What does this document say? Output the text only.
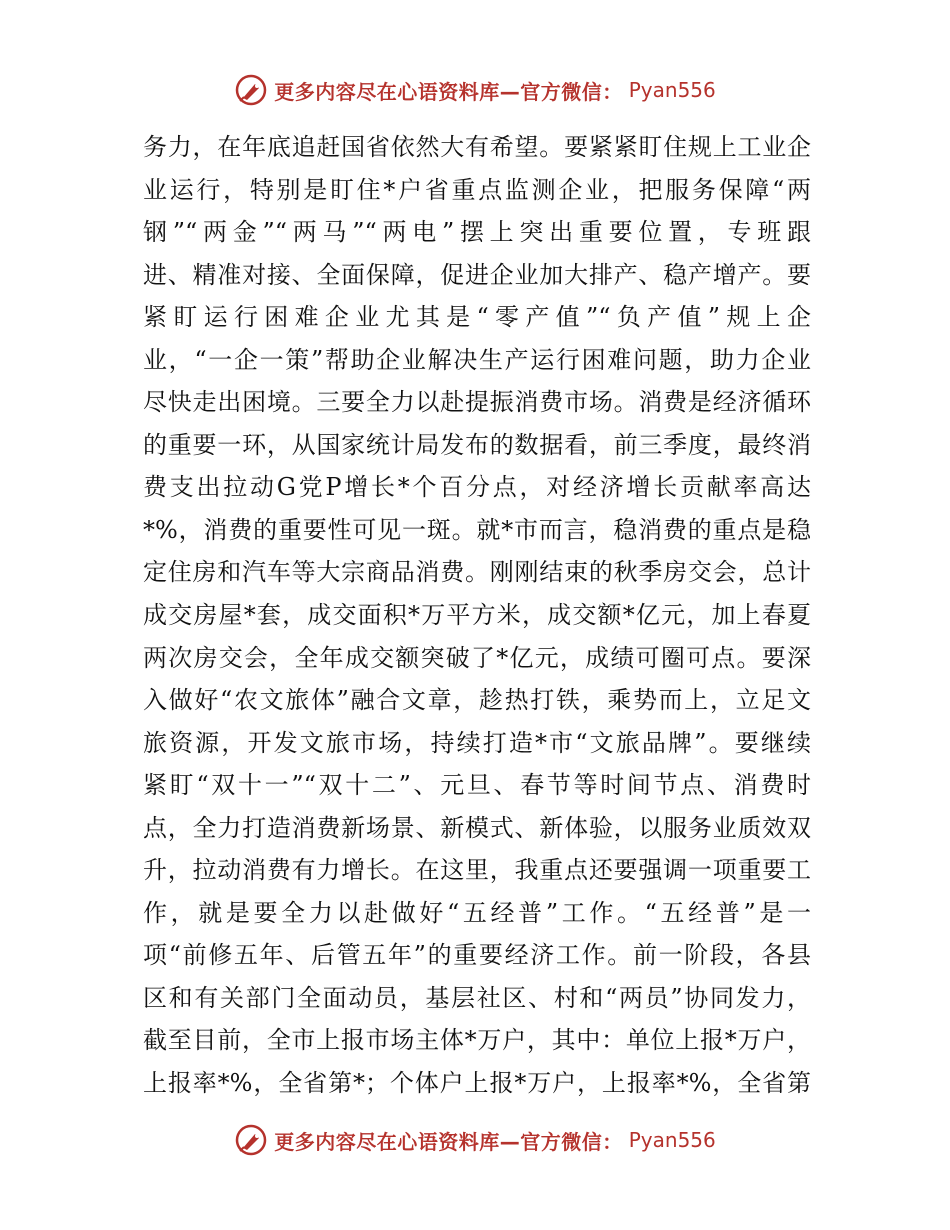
更多内容尽在心语资料库—官方微信： Pyan556
务力，在年底追赶国省依然大有希望。要紧紧盯住规上工业企
业运行，特别是盯住*户省重点监测企业，把服务保障“两
钢”“两金”“两马”“两电”摆上突出重要位置，专班跟
进、精准对接、全面保障，促进企业加大排产、稳产增产。要
紧盯运行困难企业尤其是“零产值”“负产值”规上企
业，“一企一策”帮助企业解决生产运行困难问题，助力企业
尽快走出困境。三要全力以赴提振消费市场。消费是经济循环
的重要一环，从国家统计局发布的数据看，前三季度，最终消
费支出拉动G党P增长*个百分点，对经济增长贡献率高达
*%，消费的重要性可见一斑。就*市而言，稳消费的重点是稳
定住房和汽车等大宗商品消费。刚刚结束的秋季房交会，总计
成交房屋*套，成交面积*万平方米，成交额*亿元，加上春夏
两次房交会，全年成交额突破了*亿元，成绩可圈可点。要深
入做好“农文旅体”融合文章，趁热打铁，乘势而上，立足文
旅资源，开发文旅市场，持续打造*市“文旅品牌”。要继续
紧盯“双十一”“双十二”、元旦、春节等时间节点、消费时
点，全力打造消费新场景、新模式、新体验，以服务业质效双
升，拉动消费有力增长。在这里，我重点还要强调一项重要工
作，就是要全力以赴做好“五经普”工作。“五经普”是一
项“前修五年、后管五年”的重要经济工作。前一阶段，各县
区和有关部门全面动员，基层社区、村和“两员”协同发力，
截至目前，全市上报市场主体*万户，其中：单位上报*万户，
上报率*%，全省第*；个体户上报*万户，上报率*%，全省第
更多内容尽在心语资料库—官方微信： Pyan556
